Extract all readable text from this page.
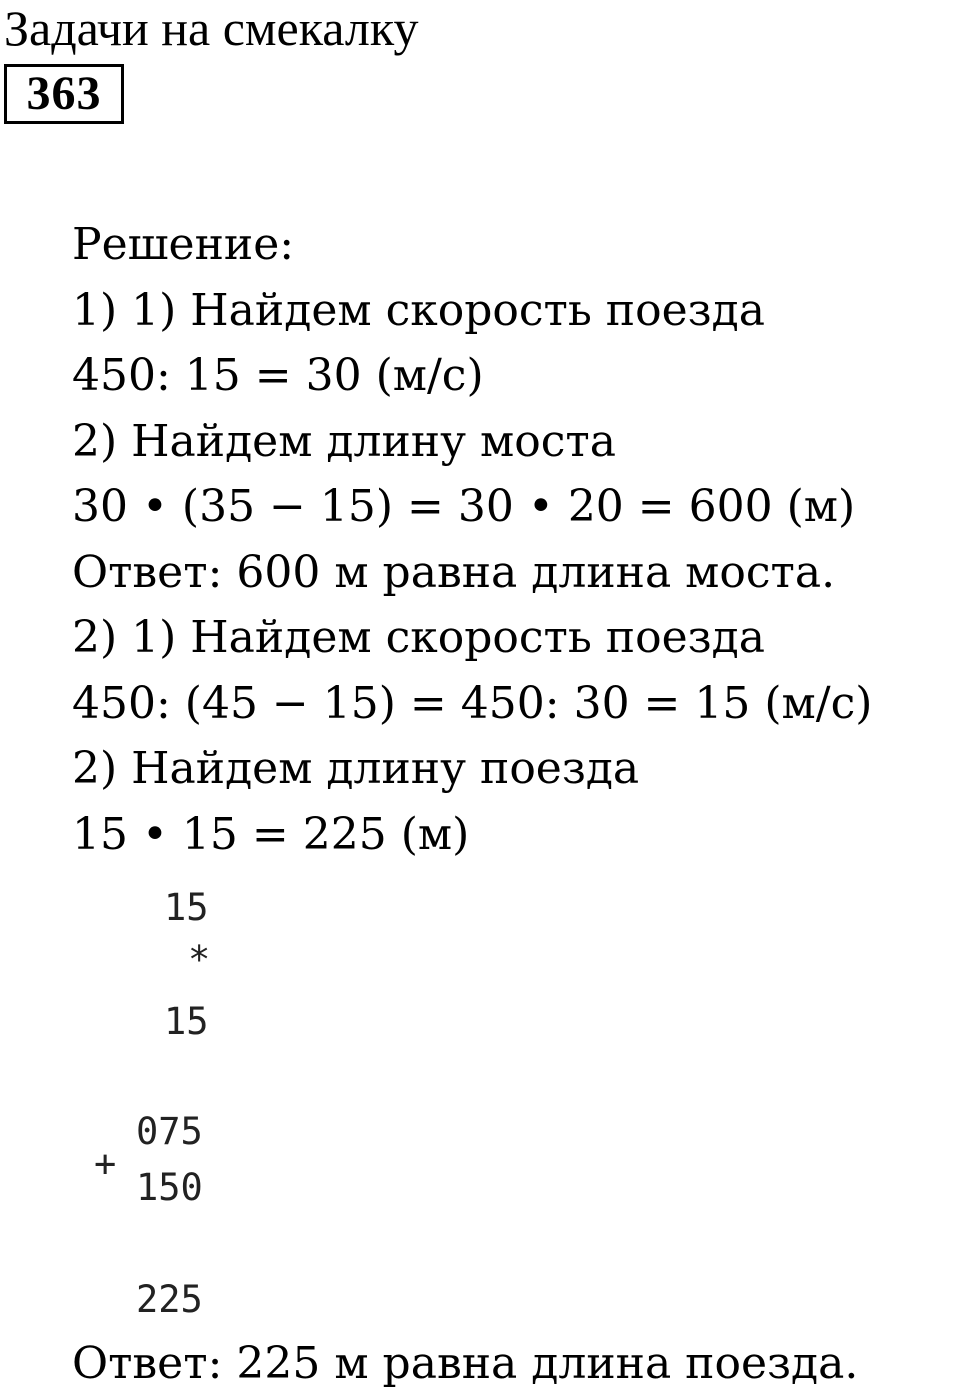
Задачи на смекалку
363
Решение:
1) 1) Найдем скорость поезда
450: 15 = 30 (м/с)
2) Найдем длину моста
30 • (35 − 15) = 30 • 20 = 600 (м)
Ответ: 600 м равна длина моста.
2) 1) Найдем скорость поезда
450: (45 − 15) = 450: 30 = 15 (м/с)
2) Найдем длину поезда
15 • 15 = 225 (м)
15
*
15
075
+
150
225
Ответ: 225 м равна длина поезда.
